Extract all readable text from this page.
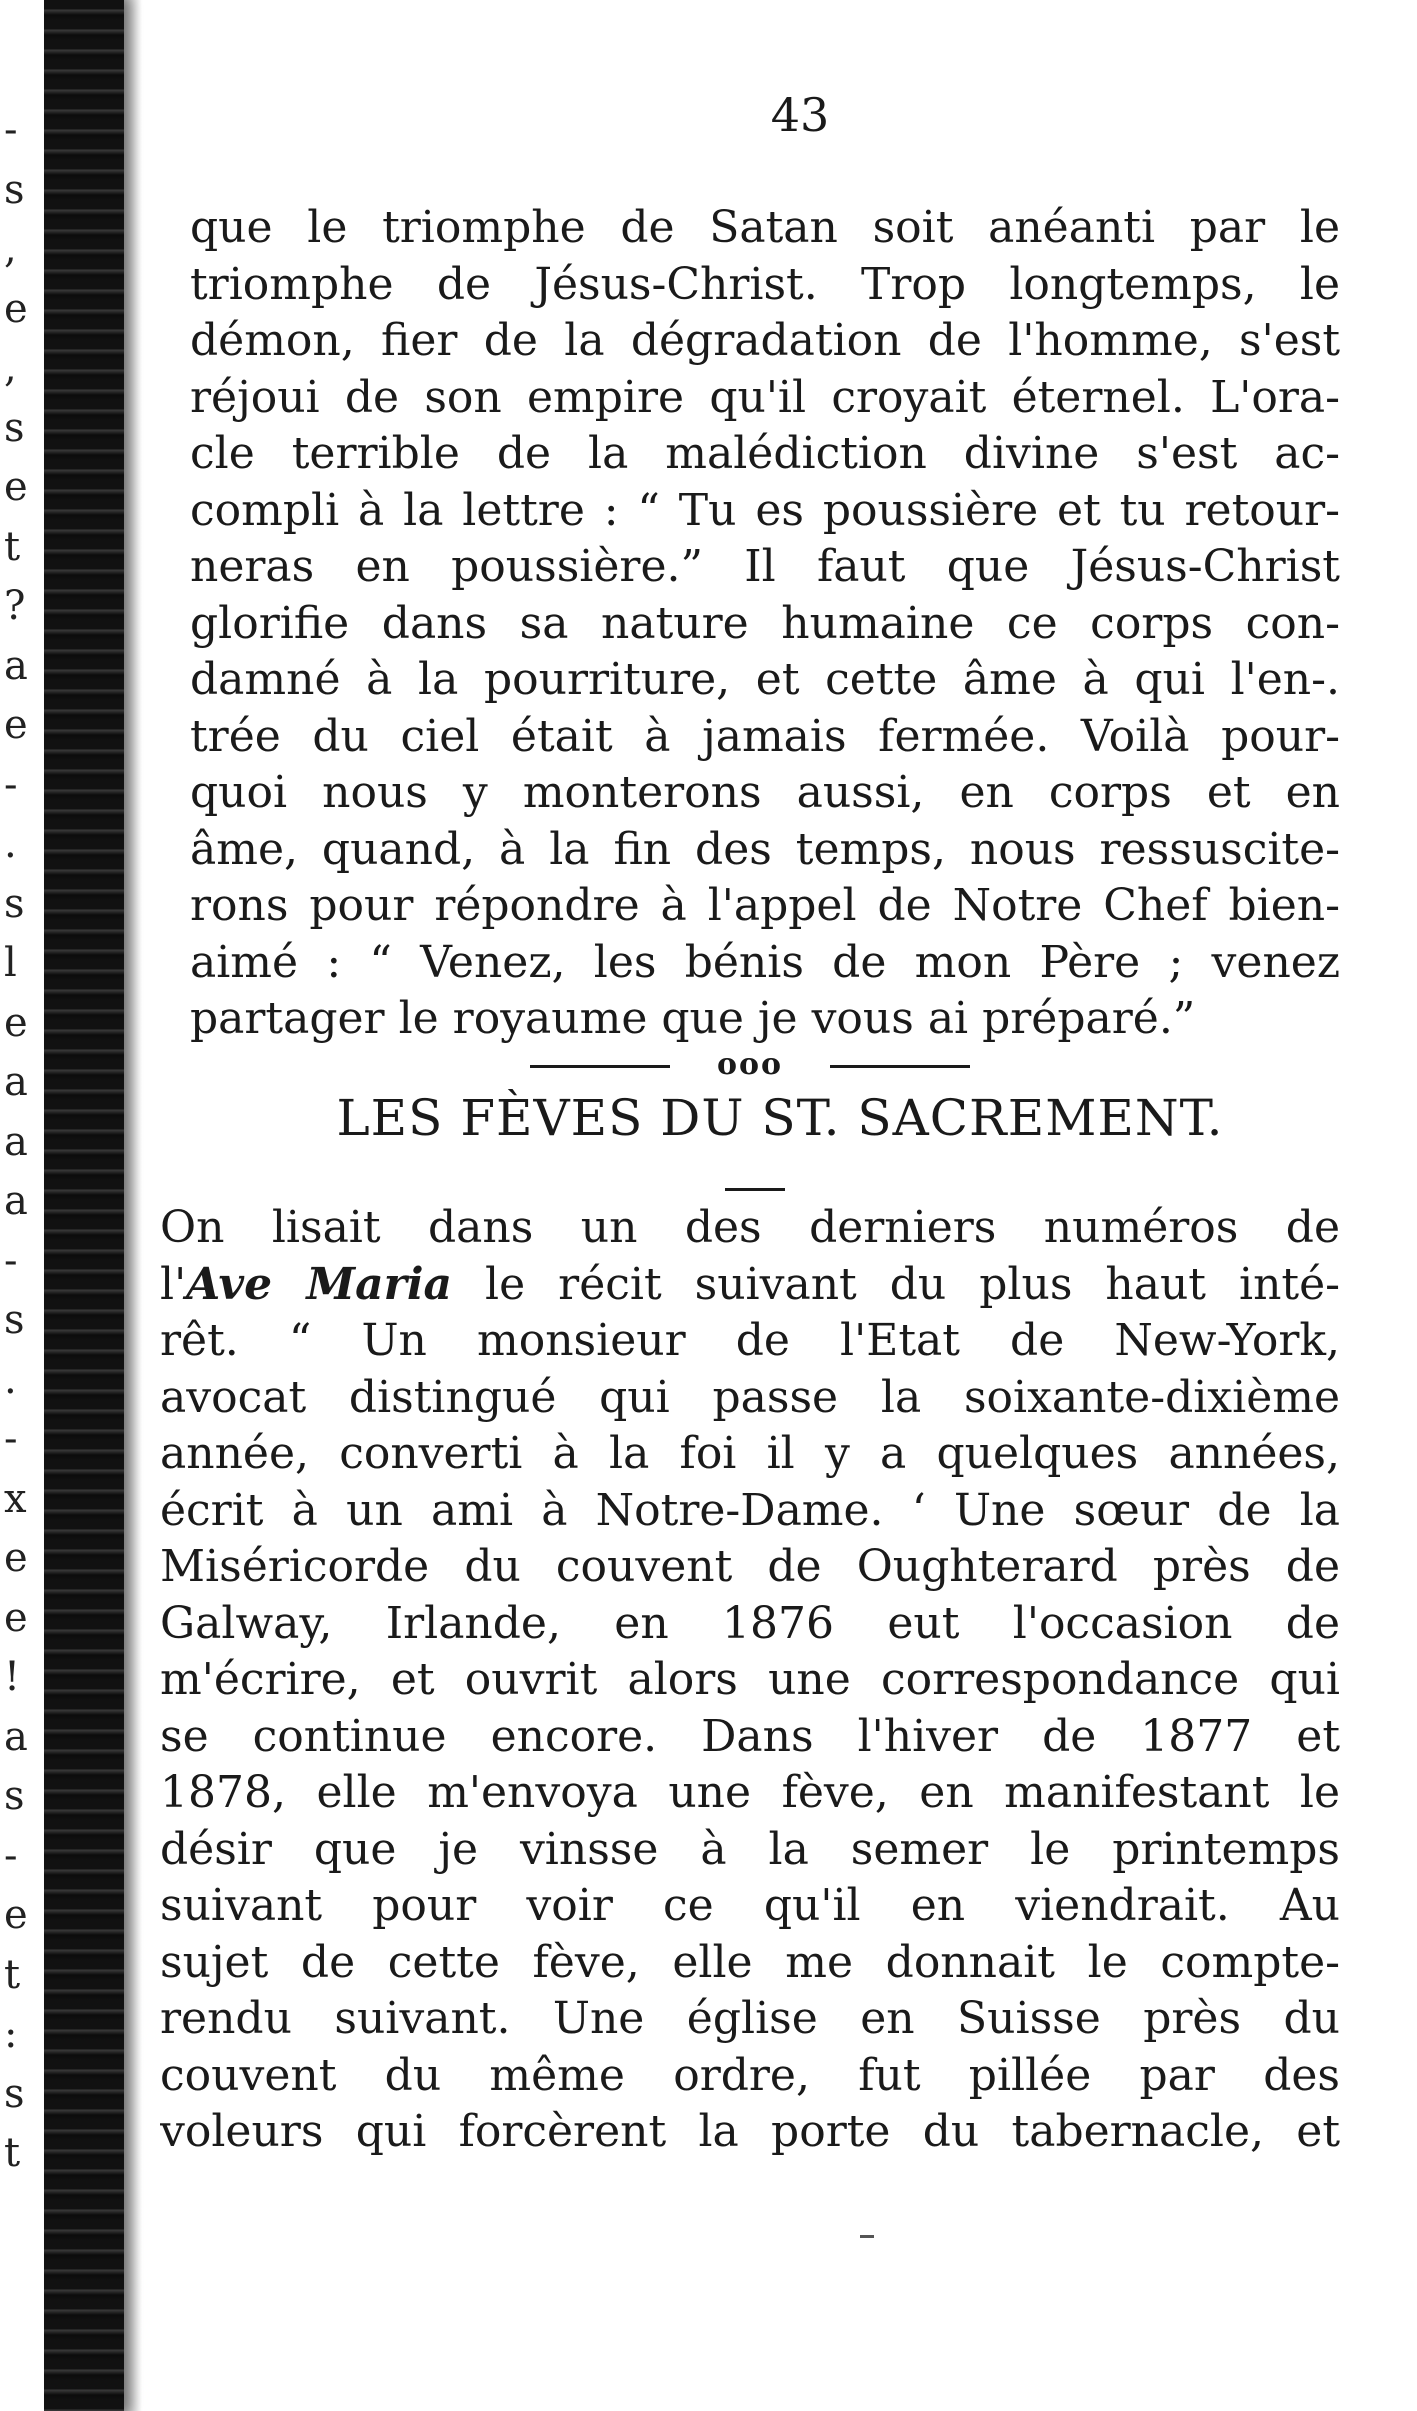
-
s
,
e
,
s
e
t
?
a
e
-
.
s
l
e
a
a
a
-
s
.
-
x
e
e
!
a
s
-
e
t
:
s
t
43
que le triomphe de Satan soit anéanti par le
triomphe de Jésus-Christ. Trop longtemps, le
démon, fier de la dégradation de l'homme, s'est
réjoui de son empire qu'il croyait éternel. L'ora-
cle terrible de la malédiction divine s'est ac-
compli à la lettre : “ Tu es poussière et tu retour-
neras en poussière.” Il faut que Jésus-Christ
glorifie dans sa nature humaine ce corps con-
damné à la pourriture, et cette âme à qui l'en-.
trée du ciel était à jamais fermée. Voilà pour-
quoi nous y monterons aussi, en corps et en
âme, quand, à la fin des temps, nous ressuscite-
rons pour répondre à l'appel de Notre Chef bien-
aimé : “ Venez, les bénis de mon Père ; venez
partager le royaume que je vous ai préparé.”
ooo
LES FÈVES DU ST. SACREMENT.
On lisait dans un des derniers numéros de
l'Ave Maria le récit suivant du plus haut inté-
rêt. “ Un monsieur de l'Etat de New-York,
avocat distingué qui passe la soixante-dixième
année, converti à la foi il y a quelques années,
écrit à un ami à Notre-Dame. ‘ Une sœur de la
Miséricorde du couvent de Oughterard près de
Galway, Irlande, en 1876 eut l'occasion de
m'écrire, et ouvrit alors une correspondance qui
se continue encore. Dans l'hiver de 1877 et
1878, elle m'envoya une fève, en manifestant le
désir que je vinsse à la semer le printemps
suivant pour voir ce qu'il en viendrait. Au
sujet de cette fève, elle me donnait le compte-
rendu suivant. Une église en Suisse près du
couvent du même ordre, fut pillée par des
voleurs qui forcèrent la porte du tabernacle, et
